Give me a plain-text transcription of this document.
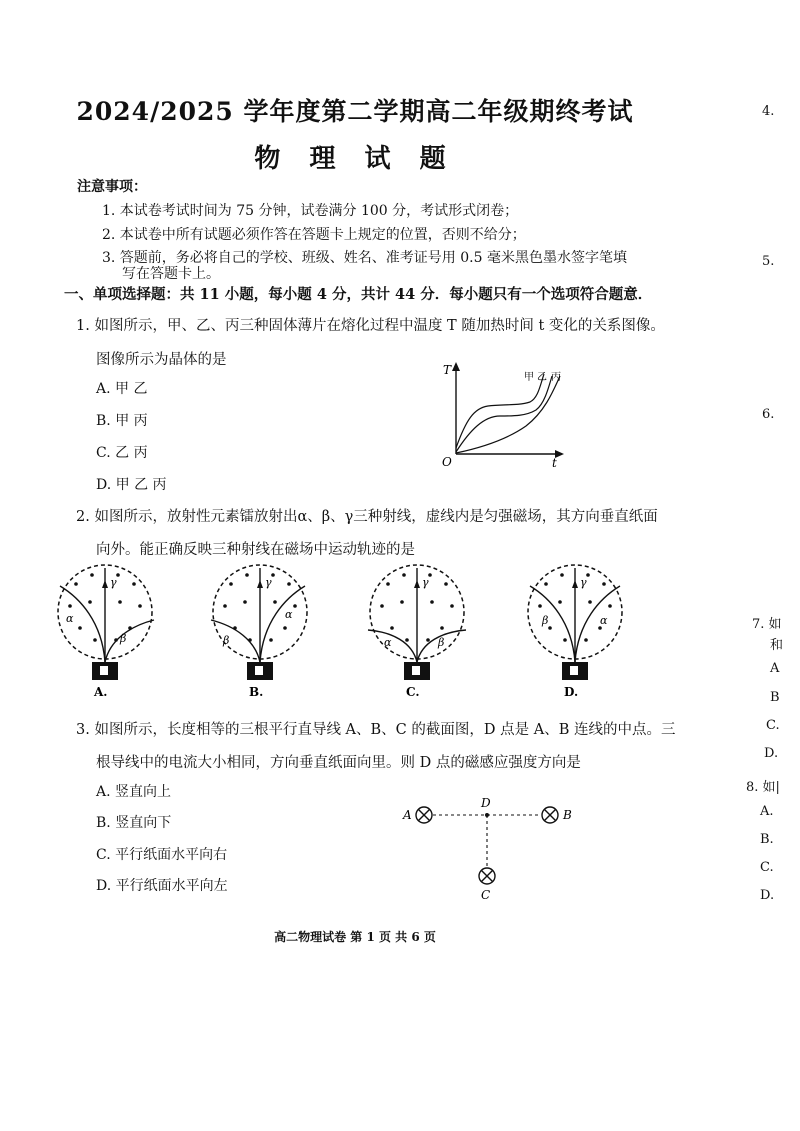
2024/2025 学年度第二学期高二年级期终考试
物 理 试 题
注意事项：
1. 本试卷考试时间为 75 分钟，试卷满分 100 分，考试形式闭卷；
2. 本试卷中所有试题必须作答在答题卡上规定的位置，否则不给分；
3. 答题前，务必将自己的学校、班级、姓名、准考证号用 0.5 毫米黑色墨水签字笔填
写在答题卡上。
一、单项选择题：共 11 小题，每小题 4 分，共计 44 分．每小题只有一个选项符合题意．
1. 如图所示，甲、乙、丙三种固体薄片在熔化过程中温度 T 随加热时间 t 变化的关系图像。
图像所示为晶体的是
A. 甲 乙
B. 甲 丙
C. 乙 丙
D. 甲 乙 丙
T
t
O
甲 乙 丙
2. 如图所示，放射性元素镭放射出α、β、γ三种射线，虚线内是匀强磁场，其方向垂直纸面
向外。能正确反映三种射线在磁场中运动轨迹的是
γ
α
β
A.
γ
β
α
B.
γ
α	β
C.
γ
β	α
D.
3. 如图所示，长度相等的三根平行直导线 A、B、C 的截面图，D 点是 A、B 连线的中点。三
根导线中的电流大小相同，方向垂直纸面向里。则 D 点的磁感应强度方向是
A. 竖直向上
B. 竖直向下
C. 平行纸面水平向右
D. 平行纸面水平向左
A	B
C
D
高二物理试卷 第 1 页 共 6 页
4.
5.
6.
7. 如
和
A
B
C.
D.
8. 如|
A.
B.
C.
D.
